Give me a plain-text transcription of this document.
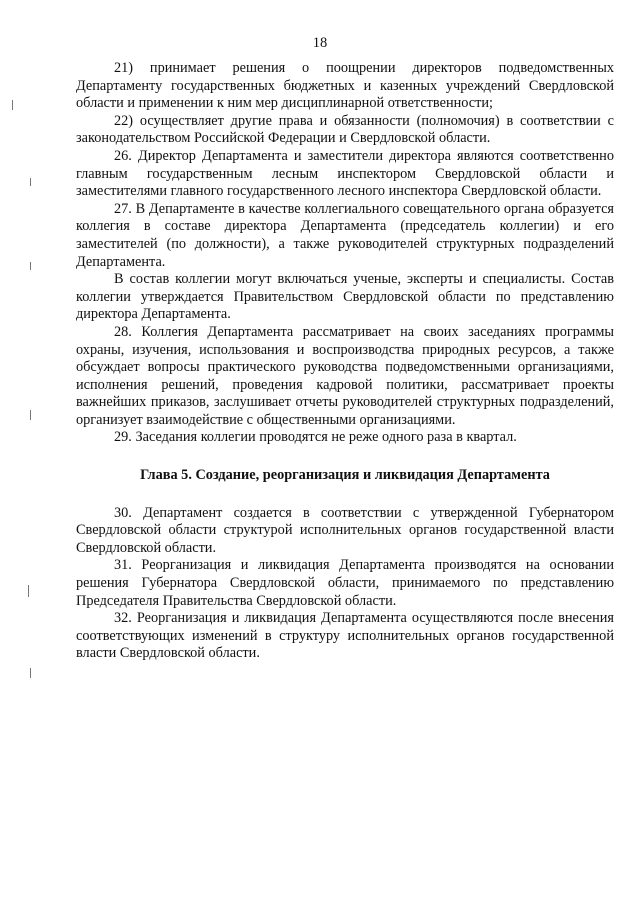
18

21) принимает решения о поощрении директоров подведомственных Департаменту государственных бюджетных и казенных учреждений Свердловской области и применении к ним мер дисциплинарной ответственности;

22) осуществляет другие права и обязанности (полномочия) в соответствии с законодательством Российской Федерации и Свердловской области.

26. Директор Департамента и заместители директора являются соответственно главным государственным лесным инспектором Свердловской области и заместителями главного государственного лесного инспектора Свердловской области.

27. В Департаменте в качестве коллегиального совещательного органа образуется коллегия в составе директора Департамента (председатель коллегии) и его заместителей (по должности), а также руководителей структурных подразделений Департамента.

В состав коллегии могут включаться ученые, эксперты и специалисты. Состав коллегии утверждается Правительством Свердловской области по представлению директора Департамента.

28. Коллегия Департамента рассматривает на своих заседаниях программы охраны, изучения, использования и воспроизводства природных ресурсов, а также обсуждает вопросы практического руководства подведомственными организациями, исполнения решений, проведения кадровой политики, рассматривает проекты важнейших приказов, заслушивает отчеты руководителей структурных подразделений, организует взаимодействие с общественными организациями.

29. Заседания коллегии проводятся не реже одного раза в квартал.

Глава 5. Создание, реорганизация и ликвидация Департамента

30. Департамент создается в соответствии с утвержденной Губернатором Свердловской области структурой исполнительных органов государственной власти Свердловской области.

31. Реорганизация и ликвидация Департамента производятся на основании решения Губернатора Свердловской области, принимаемого по представлению Председателя Правительства Свердловской области.

32. Реорганизация и ликвидация Департамента осуществляются после внесения соответствующих изменений в структуру исполнительных органов государственной власти Свердловской области.
